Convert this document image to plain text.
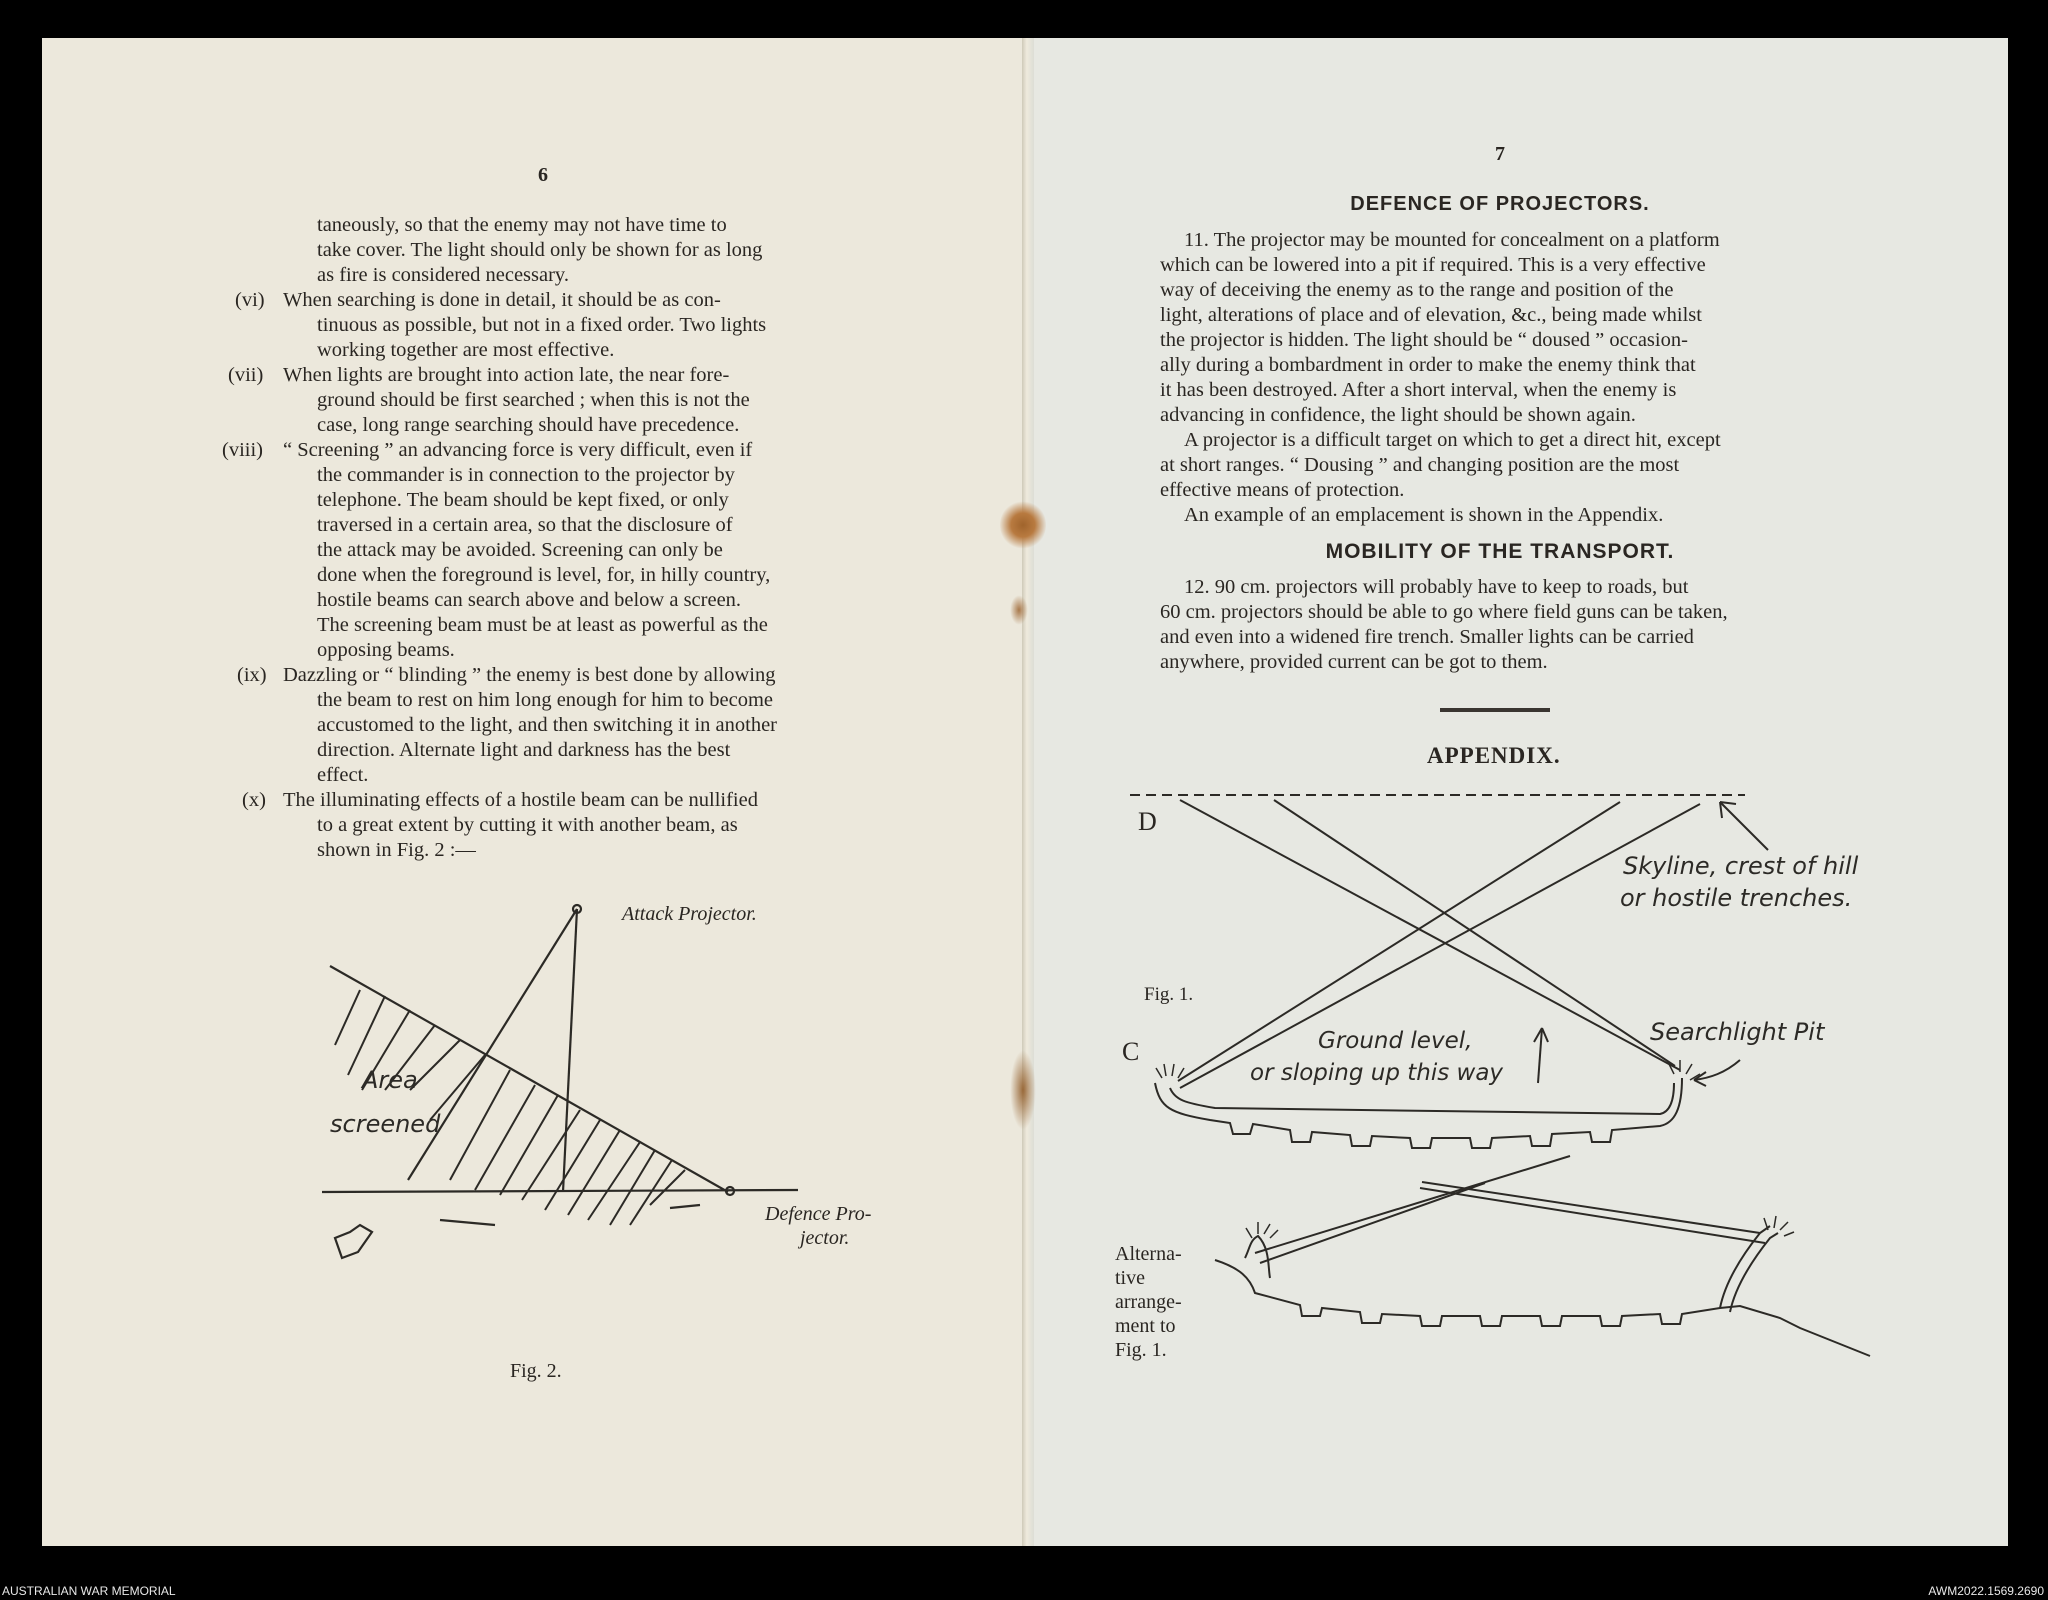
6
taneously, so that the enemy may not have time to
take cover. The light should only be shown for as long
as fire is considered necessary.
(vi) When searching is done in detail, it should be as con-
tinuous as possible, but not in a fixed order. Two lights
working together are most effective.
(vii) When lights are brought into action late, the near fore-
ground should be first searched ; when this is not the
case, long range searching should have precedence.
(viii) “ Screening ” an advancing force is very difficult, even if
the commander is in connection to the projector by
telephone. The beam should be kept fixed, or only
traversed in a certain area, so that the disclosure of
the attack may be avoided. Screening can only be
done when the foreground is level, for, in hilly country,
hostile beams can search above and below a screen.
The screening beam must be at least as powerful as the
opposing beams.
(ix) Dazzling or “ blinding ” the enemy is best done by allowing
the beam to rest on him long enough for him to become
accustomed to the light, and then switching it in another
direction. Alternate light and darkness has the best
effect.
(x) The illuminating effects of a hostile beam can be nullified
to a great extent by cutting it with another beam, as
shown in Fig. 2 :—
Area
screened
Attack Projector.
Defence Pro-
jector.
Fig. 2.
7
DEFENCE OF PROJECTORS.
11. The projector may be mounted for concealment on a platform
which can be lowered into a pit if required. This is a very effective
way of deceiving the enemy as to the range and position of the
light, alterations of place and of elevation, &c., being made whilst
the projector is hidden. The light should be “ doused ” occasion-
ally during a bombardment in order to make the enemy think that
it has been destroyed. After a short interval, when the enemy is
advancing in confidence, the light should be shown again.
A projector is a difficult target on which to get a direct hit, except
at short ranges. “ Dousing ” and changing position are the most
effective means of protection.
An example of an emplacement is shown in the Appendix.
MOBILITY OF THE TRANSPORT.
12. 90 cm. projectors will probably have to keep to roads, but
60 cm. projectors should be able to go where field guns can be taken,
and even into a widened fire trench. Smaller lights can be carried
anywhere, provided current can be got to them.
APPENDIX.
D
C
Skyline, crest of hill
or hostile trenches.
Fig. 1.
Ground level,
or sloping up this way
Searchlight Pit
Alterna-
tive
arrange-
ment to
Fig. 1.
AUSTRALIAN WAR MEMORIAL	AWM2022.1569.2690
